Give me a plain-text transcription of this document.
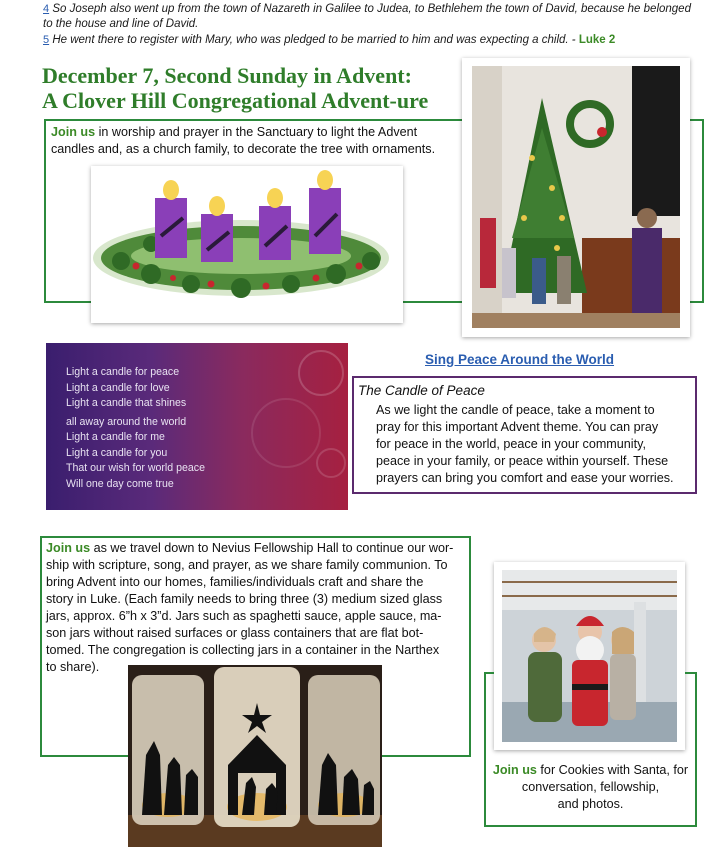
4 So Joseph also went up from the town of Nazareth in Galilee to Judea, to Bethlehem the town of David, because he belonged
to the house and line of David.
5 He went there to register with Mary, who was pledged to be married to him and was expecting a child. - Luke 2
December 7, Second Sunday in Advent:
A Clover Hill Congregational Advent-ure
Join us in worship and prayer in the Sanctuary to light the Advent
candles and, as a church family, to decorate the tree with ornaments.
Light a candle for peace
Light a candle for love
Light a candle that shines
all away around the world
Light a candle for me
Light a candle for you
That our wish for world peace
Will one day come true
Sing Peace Around the World
The Candle of Peace
As we light the candle of peace, take a moment to
pray for this important Advent theme. You can pray
for peace in the world, peace in your community,
peace in your family, or peace within yourself. These
prayers can bring you comfort and ease your worries.
Join us as we travel down to Nevius Fellowship Hall to continue our wor-
ship with scripture, song, and prayer, as we share family communion. To
bring Advent into our homes, families/individuals craft and share the
story in Luke. (Each family needs to bring three (3) medium sized glass
jars, approx. 6”h x 3”d. Jars such as spaghetti sauce, apple sauce, ma-
son jars without raised surfaces or glass containers that are flat bot-
tomed. The congregation is collecting jars in a container in the Narthex
to share).
Join us for Cookies with Santa, for
conversation, fellowship,
and photos.
